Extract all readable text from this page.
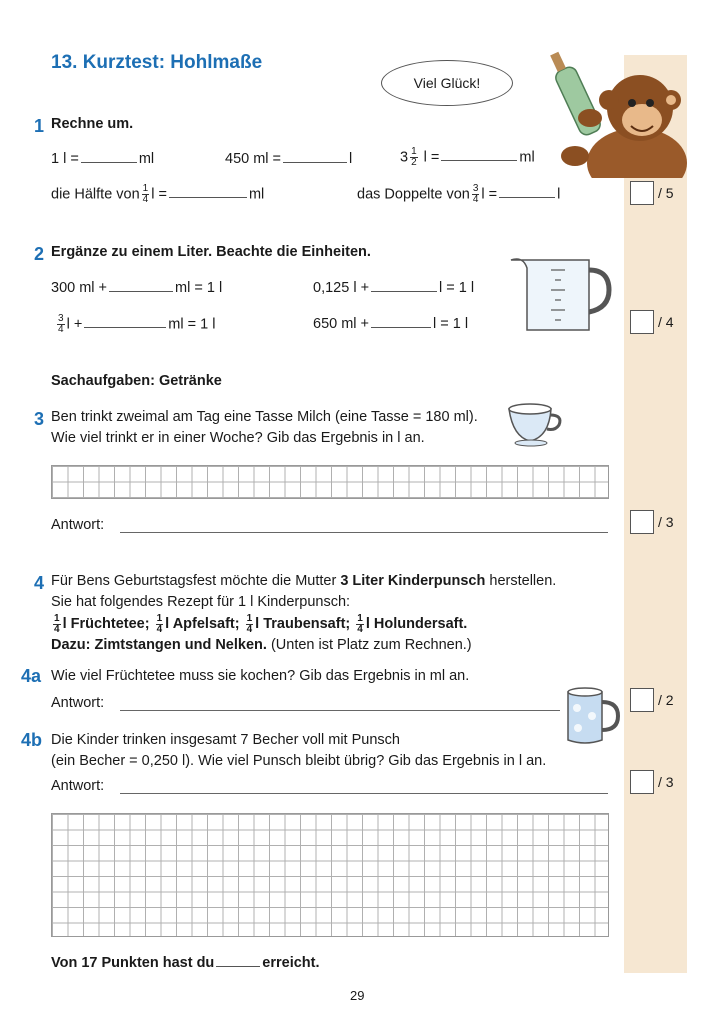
13. Kurztest: Hohlmaße
Viel Glück!
1 Rechne um.
1 l =	ml	450 ml =	l	$3 \frac{1}{2}$ l =	ml
die Hälfte von $\frac{1}{4}$ l =	ml	das Doppelte von $\frac{3}{4}$ l =	l	/ 5
2 Ergänze zu einem Liter. Beachte die Einheiten.
300 ml +	ml = 1 l	0,125 l +	l = 1 l
$\frac{3}{4}$ l +	ml = 1 l	650 ml +	l = 1 l	/ 4
Sachaufgaben: Getränke
3 Ben trinkt zweimal am Tag eine Tasse Milch (eine Tasse = 180 ml).
Wie viel trinkt er in einer Woche? Gib das Ergebnis in l an.
Antwort:	/ 3
4 Für Bens Geburtstagsfest möchte die Mutter 3 Liter Kinderpunsch herstellen.
Sie hat folgendes Rezept für 1 l Kinderpunsch:
$\frac{1}{4}$ l Früchtetee; $\frac{1}{4}$ l Apfelsaft; $\frac{1}{4}$ l Traubensaft; $\frac{1}{4}$ l Holundersaft.
Dazu: Zimtstangen und Nelken. (Unten ist Platz zum Rechnen.)
4a Wie viel Früchtetee muss sie kochen? Gib das Ergebnis in ml an.
Antwort:	/ 2
4b Die Kinder trinken insgesamt 7 Becher voll mit Punsch
(ein Becher = 0,250 l). Wie viel Punsch bleibt übrig? Gib das Ergebnis in l an.
Antwort:	/ 3
Von 17 Punkten hast du	erreicht.
29
